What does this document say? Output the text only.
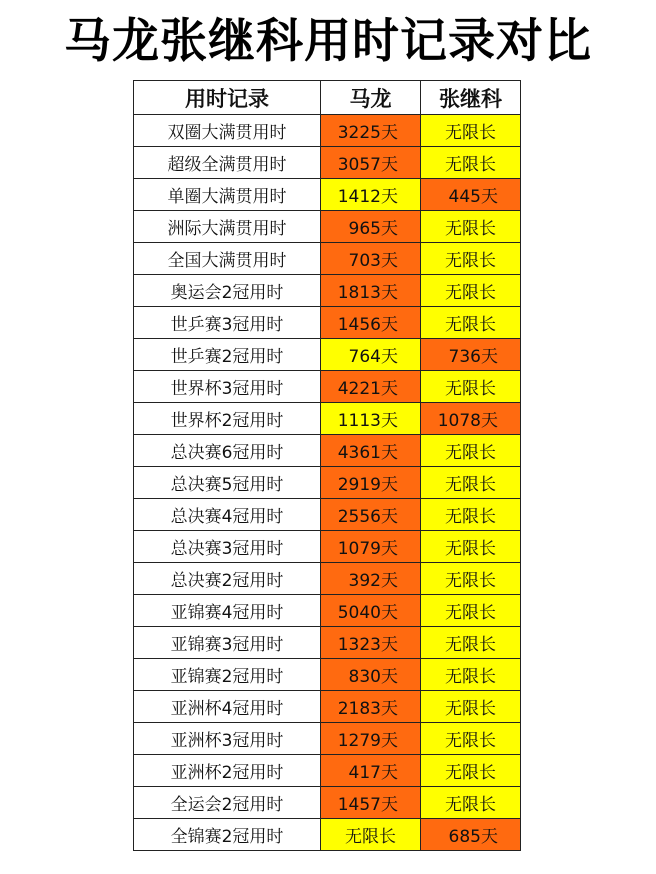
马龙张继科用时记录对比
用时记录	马龙	张继科
双圈大满贯用时	3225天	无限长
超级全满贯用时	3057天	无限长
单圈大满贯用时	1412天	445天
洲际大满贯用时	965天	无限长
全国大满贯用时	703天	无限长
奥运会2冠用时	1813天	无限长
世乒赛3冠用时	1456天	无限长
世乒赛2冠用时	764天	736天
世界杯3冠用时	4221天	无限长
世界杯2冠用时	1113天	1078天
总决赛6冠用时	4361天	无限长
总决赛5冠用时	2919天	无限长
总决赛4冠用时	2556天	无限长
总决赛3冠用时	1079天	无限长
总决赛2冠用时	392天	无限长
亚锦赛4冠用时	5040天	无限长
亚锦赛3冠用时	1323天	无限长
亚锦赛2冠用时	830天	无限长
亚洲杯4冠用时	2183天	无限长
亚洲杯3冠用时	1279天	无限长
亚洲杯2冠用时	417天	无限长
全运会2冠用时	1457天	无限长
全锦赛2冠用时	无限长	685天
